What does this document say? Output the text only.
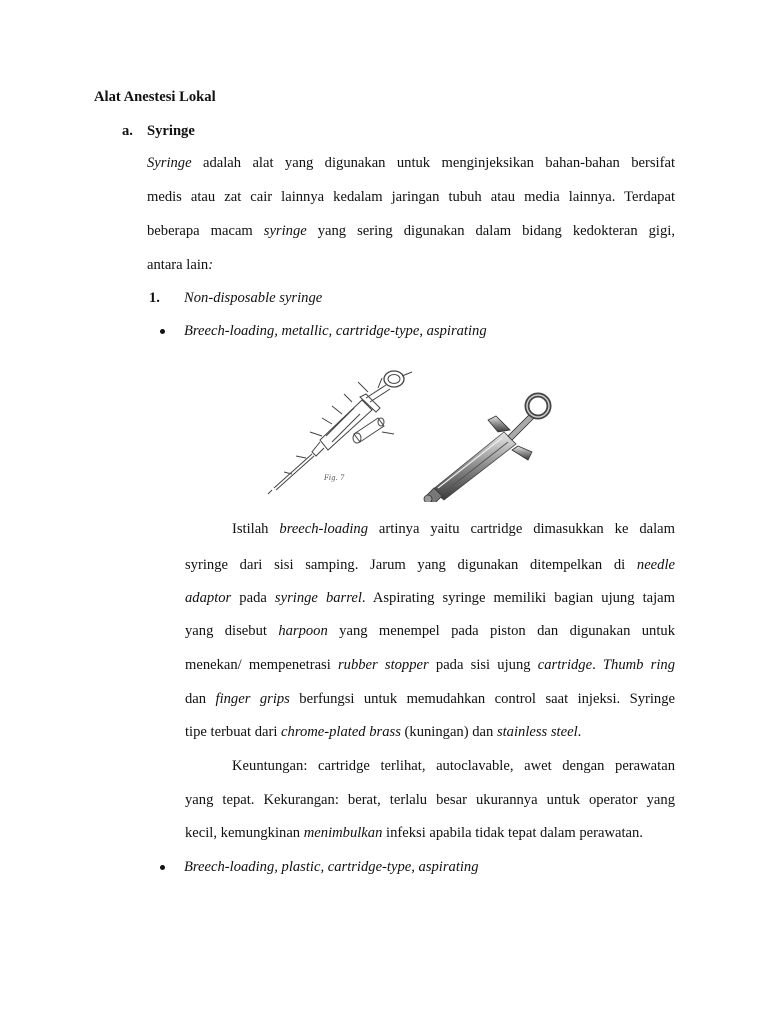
Alat Anestesi Lokal
a. Syringe
Syringe adalah alat yang digunakan untuk menginjeksikan bahan-bahan bersifat
medis atau zat cair lainnya kedalam jaringan tubuh atau media lainnya. Terdapat
beberapa macam syringe yang sering digunakan dalam bidang kedokteran gigi,
antara lain:
1. Non-disposable syringe
Breech-loading, metallic, cartridge-type, aspirating
Fig. 7
Istilah breech-loading artinya yaitu cartridge dimasukkan ke dalam
syringe dari sisi samping. Jarum yang digunakan ditempelkan di needle
adaptor pada syringe barrel. Aspirating syringe memiliki bagian ujung tajam
yang disebut harpoon yang menempel pada piston dan digunakan untuk
menekan/ mempenetrasi rubber stopper pada sisi ujung cartridge. Thumb ring
dan finger grips berfungsi untuk memudahkan control saat injeksi. Syringe
tipe terbuat dari chrome-plated brass (kuningan) dan stainless steel.
Keuntungan: cartridge terlihat, autoclavable, awet dengan perawatan
yang tepat. Kekurangan: berat, terlalu besar ukurannya untuk operator yang
kecil, kemungkinan menimbulkan infeksi apabila tidak tepat dalam perawatan.
Breech-loading, plastic, cartridge-type, aspirating
